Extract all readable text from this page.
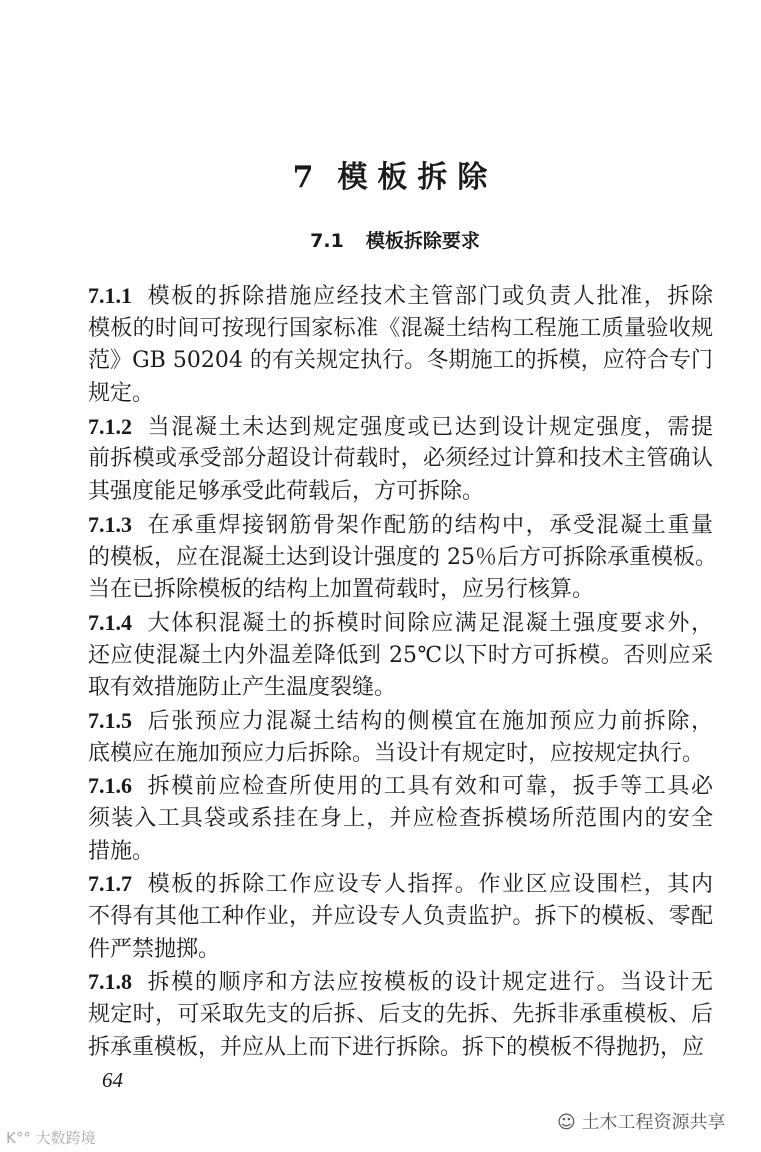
7 模板拆除
7.1 模板拆除要求
7.1.1 模板的拆除措施应经技术主管部门或负责人批准，拆除
模板的时间可按现行国家标准《混凝土结构工程施工质量验收规
范》GB 50204 的有关规定执行。冬期施工的拆模，应符合专门
规定。
7.1.2 当混凝土未达到规定强度或已达到设计规定强度，需提
前拆模或承受部分超设计荷载时，必须经过计算和技术主管确认
其强度能足够承受此荷载后，方可拆除。
7.1.3 在承重焊接钢筋骨架作配筋的结构中，承受混凝土重量
的模板，应在混凝土达到设计强度的 25％后方可拆除承重模板。
当在已拆除模板的结构上加置荷载时，应另行核算。
7.1.4 大体积混凝土的拆模时间除应满足混凝土强度要求外，
还应使混凝土内外温差降低到 25℃以下时方可拆模。否则应采
取有效措施防止产生温度裂缝。
7.1.5 后张预应力混凝土结构的侧模宜在施加预应力前拆除，
底模应在施加预应力后拆除。当设计有规定时，应按规定执行。
7.1.6 拆模前应检查所使用的工具有效和可靠，扳手等工具必
须装入工具袋或系挂在身上，并应检查拆模场所范围内的安全
措施。
7.1.7 模板的拆除工作应设专人指挥。作业区应设围栏，其内
不得有其他工种作业，并应设专人负责监护。拆下的模板、零配
件严禁抛掷。
7.1.8 拆模的顺序和方法应按模板的设计规定进行。当设计无
规定时，可采取先支的后拆、后支的先拆、先拆非承重模板、后
拆承重模板，并应从上而下进行拆除。拆下的模板不得抛扔，应
64
☺ 土木工程资源共享
K°° 大数跨境
